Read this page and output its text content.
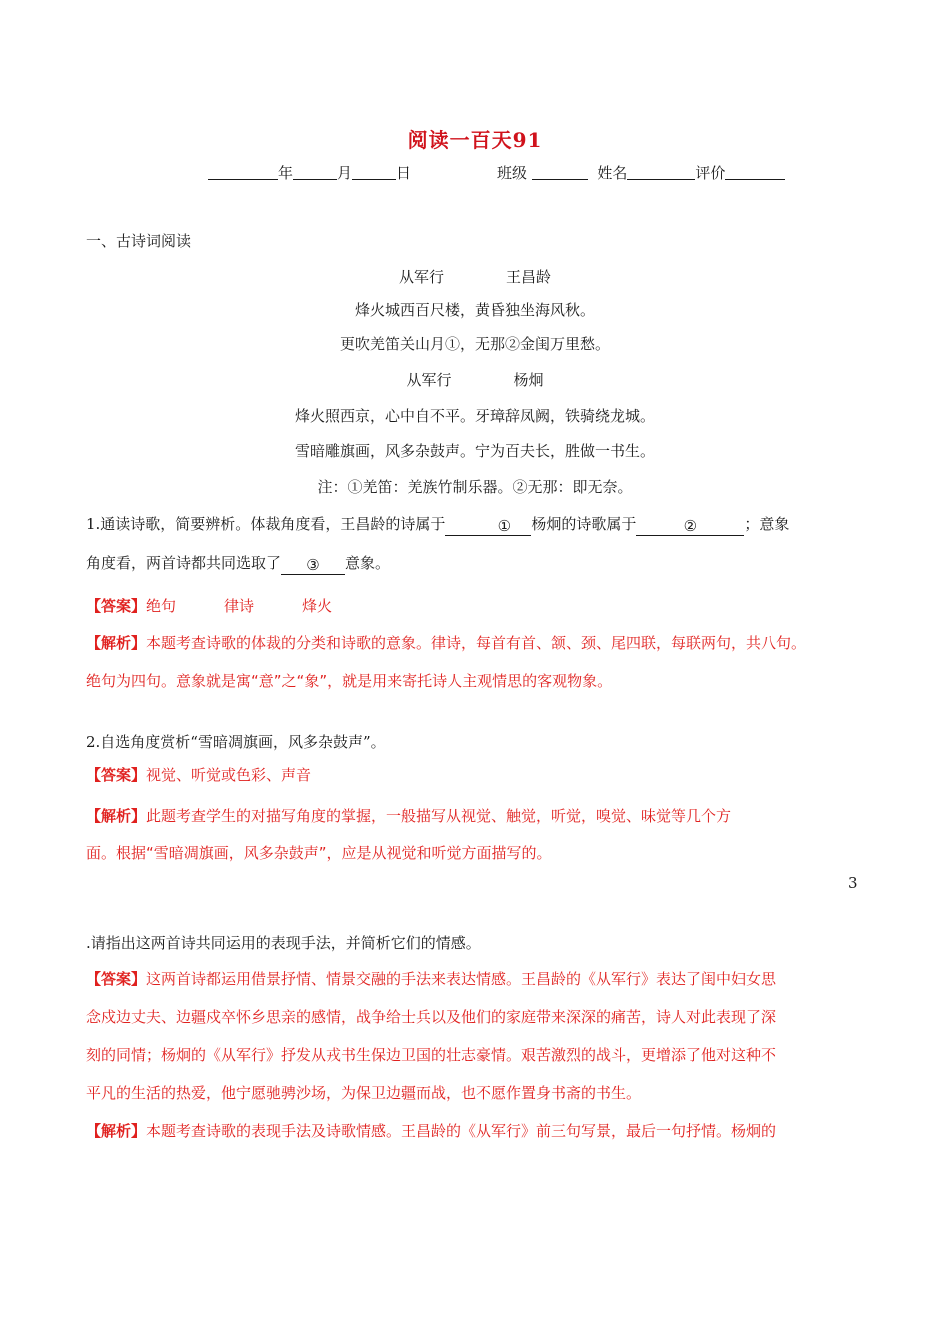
阅读一百天91
年	月	日	班级	姓名	评价
一、古诗词阅读
从军行	王昌龄
烽火城西百尺楼，黄昏独坐海风秋。
更吹羌笛关山月①，无那②金闺万里愁。
从军行	杨炯
烽火照西京，心中自不平。牙璋辞凤阙，铁骑绕龙城。
雪暗雕旗画，风多杂鼓声。宁为百夫长，胜做一书生。
注：①羌笛：羌族竹制乐器。②无那：即无奈。
1.通读诗歌，简要辨析。体裁角度看，王昌龄的诗属于	① 杨炯的诗歌属于	②	；意象
角度看，两首诗都共同选取了 ③ 意象。
【答案】绝句	律诗	烽火
【解析】本题考查诗歌的体裁的分类和诗歌的意象。律诗，每首有首、颔、颈、尾四联，每联两句，共八句。
绝句为四句。意象就是寓“意”之“象”，就是用来寄托诗人主观情思的客观物象。
2.自选角度赏析“雪暗凋旗画，风多杂鼓声”。
【答案】视觉、听觉或色彩、声音
【解析】此题考查学生的对描写角度的掌握，一般描写从视觉、触觉，听觉，嗅觉、味觉等几个方
面。根据“雪暗凋旗画，风多杂鼓声”，应是从视觉和听觉方面描写的。
3
.请指出这两首诗共同运用的表现手法，并简析它们的情感。
【答案】这两首诗都运用借景抒情、情景交融的手法来表达情感。王昌龄的《从军行》表达了闺中妇女思
念戍边丈夫、边疆戍卒怀乡思亲的感情，战争给士兵以及他们的家庭带来深深的痛苦，诗人对此表现了深
刻的同情；杨炯的《从军行》抒发从戎书生保边卫国的壮志豪情。艰苦激烈的战斗，更增添了他对这种不
平凡的生活的热爱，他宁愿驰骋沙场，为保卫边疆而战，也不愿作置身书斋的书生。
【解析】本题考查诗歌的表现手法及诗歌情感。王昌龄的《从军行》前三句写景，最后一句抒情。杨炯的
